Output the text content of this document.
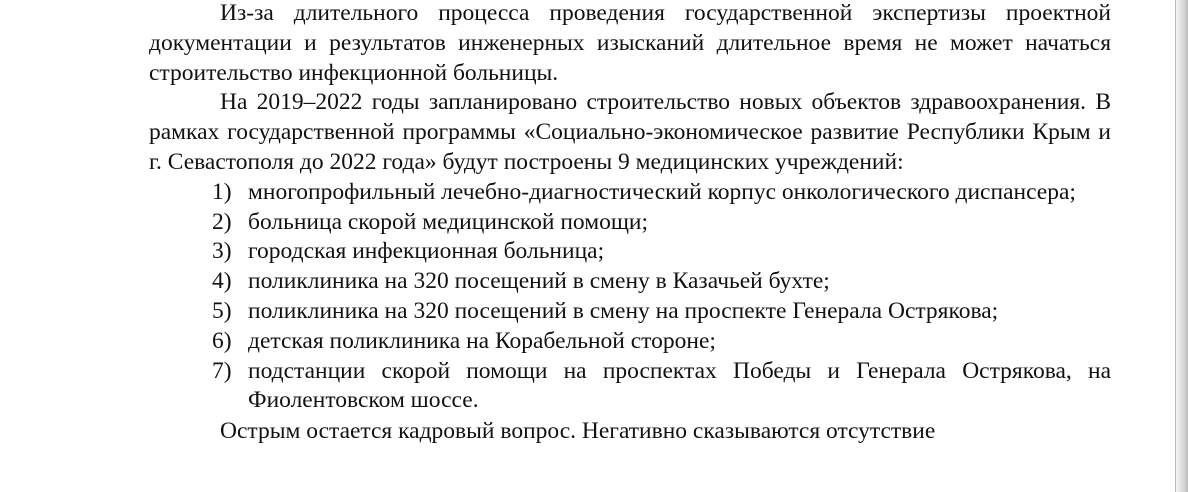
Из-за длительного процесса проведения государственной экспертизы проектной документации и результатов инженерных изысканий длительное время не может начаться строительство инфекционной больницы.

На 2019–2022 годы запланировано строительство новых объектов здравоохранения. В рамках государственной программы «Социально-экономическое развитие Республики Крым и г. Севастополя до 2022 года» будут построены 9 медицинских учреждений:

1) многопрофильный лечебно-диагностический корпус онкологического диспансера;
2) больница скорой медицинской помощи;
3) городская инфекционная больница;
4) поликлиника на 320 посещений в смену в Казачьей бухте;
5) поликлиника на 320 посещений в смену на проспекте Генерала Острякова;
6) детская поликлиника на Корабельной стороне;
7) подстанции скорой помощи на проспектах Победы и Генерала Острякова, на Фиолентовском шоссе.

Острым остается кадровый вопрос. Негативно сказываются отсутствие
